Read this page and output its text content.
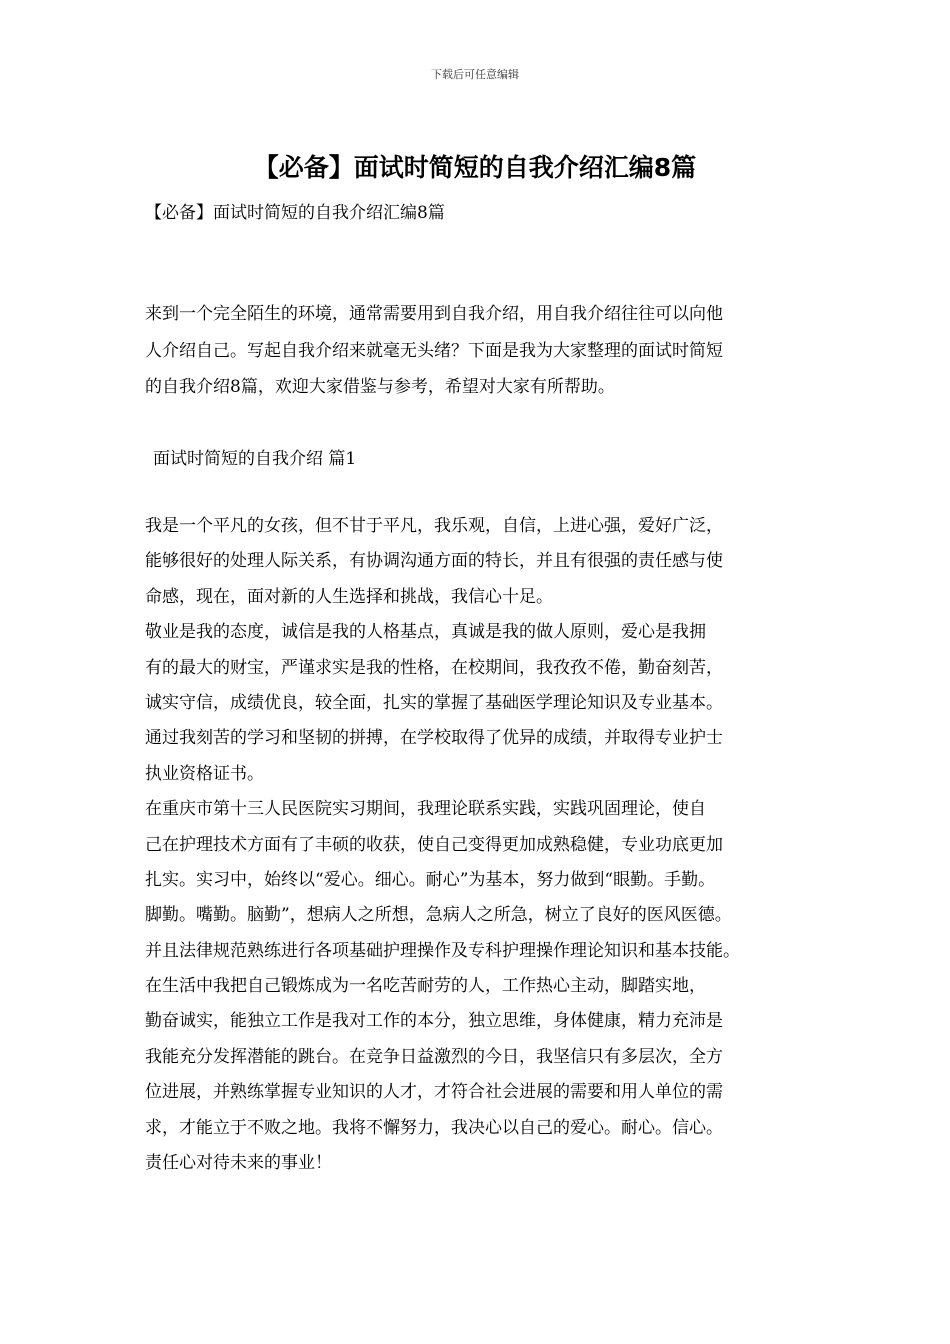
下载后可任意编辑
【必备】面试时简短的自我介绍汇编8篇
【必备】面试时简短的自我介绍汇编8篇
来到一个完全陌生的环境，通常需要用到自我介绍，用自我介绍往往可以向他
人介绍自己。写起自我介绍来就毫无头绪？下面是我为大家整理的面试时简短
的自我介绍8篇，欢迎大家借鉴与参考，希望对大家有所帮助。
面试时简短的自我介绍 篇1
我是一个平凡的女孩，但不甘于平凡，我乐观，自信，上进心强，爱好广泛，
能够很好的处理人际关系，有协调沟通方面的特长，并且有很强的责任感与使
命感，现在，面对新的人生选择和挑战，我信心十足。
敬业是我的态度，诚信是我的人格基点，真诚是我的做人原则，爱心是我拥
有的最大的财宝，严谨求实是我的性格，在校期间，我孜孜不倦，勤奋刻苦，
诚实守信，成绩优良，较全面，扎实的掌握了基础医学理论知识及专业基本。
通过我刻苦的学习和坚韧的拼搏，在学校取得了优异的成绩，并取得专业护士
执业资格证书。
在重庆市第十三人民医院实习期间，我理论联系实践，实践巩固理论，使自
己在护理技术方面有了丰硕的收获，使自己变得更加成熟稳健，专业功底更加
扎实。实习中，始终以“爱心。细心。耐心”为基本，努力做到“眼勤。手勤。
脚勤。嘴勤。脑勤”，想病人之所想，急病人之所急，树立了良好的医风医德。
并且法律规范熟练进行各项基础护理操作及专科护理操作理论知识和基本技能。
在生活中我把自己锻炼成为一名吃苦耐劳的人，工作热心主动，脚踏实地，
勤奋诚实，能独立工作是我对工作的本分，独立思维，身体健康，精力充沛是
我能充分发挥潜能的跳台。在竞争日益激烈的今日，我坚信只有多层次，全方
位进展，并熟练掌握专业知识的人才，才符合社会进展的需要和用人单位的需
求，才能立于不败之地。我将不懈努力，我决心以自己的爱心。耐心。信心。
责任心对待未来的事业！
